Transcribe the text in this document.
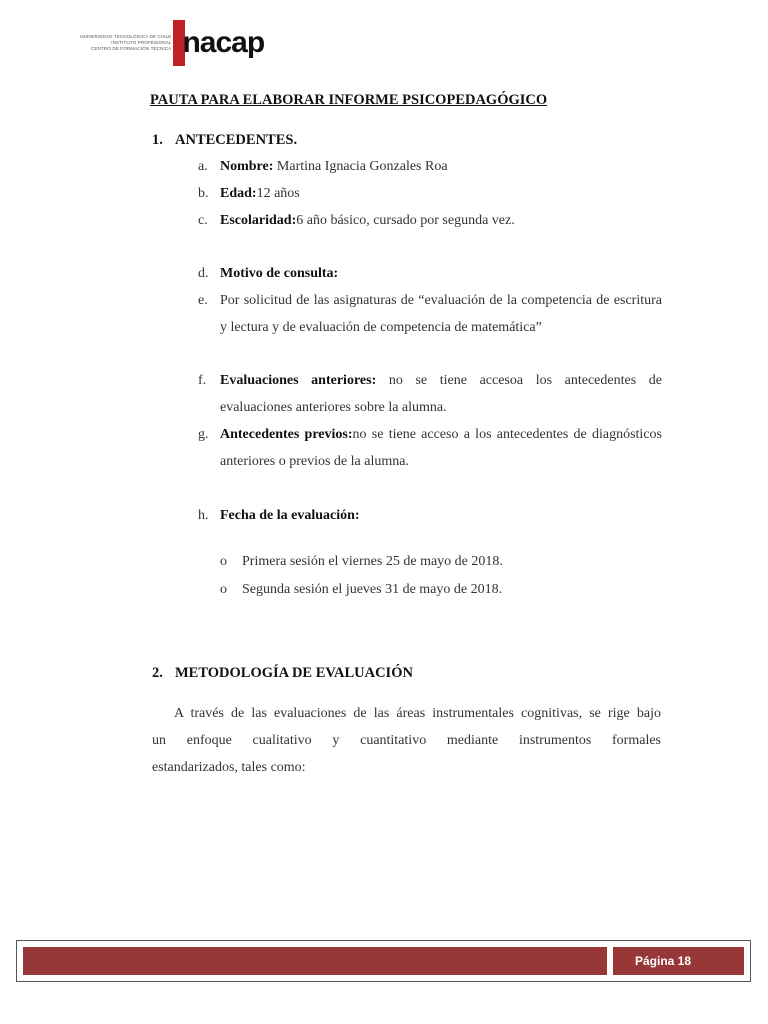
UNIVERSIDAD TECNOLÓGICA DE CHILE
INSTITUTO PROFESIONAL
CENTRO DE FORMACIÓN TÉCNICA nacap
PAUTA PARA ELABORAR INFORME PSICOPEDAGÓGICO
1. ANTECEDENTES.
a. Nombre: Martina Ignacia Gonzales Roa
b. Edad:12 años
c. Escolaridad:6 año básico, cursado por segunda vez.
d. Motivo de consulta:
e. Por solicitud de las asignaturas de “evaluación de la competencia de escritura y lectura y de evaluación de competencia de matemática”
f. Evaluaciones anteriores: no se tiene accesoa los antecedentes de evaluaciones anteriores sobre la alumna.
g. Antecedentes previos:no se tiene acceso a los antecedentes de diagnósticos anteriores o previos de la alumna.
h. Fecha de la evaluación:
o Primera sesión el viernes 25 de mayo de 2018.
o Segunda sesión el jueves 31 de mayo de 2018.
2. METODOLOGÍA DE EVALUACIÓN
A través de las evaluaciones de las áreas instrumentales cognitivas, se rige bajo
un enfoque cualitativo y cuantitativo mediante instrumentos formales
estandarizados, tales como:
Página 18
